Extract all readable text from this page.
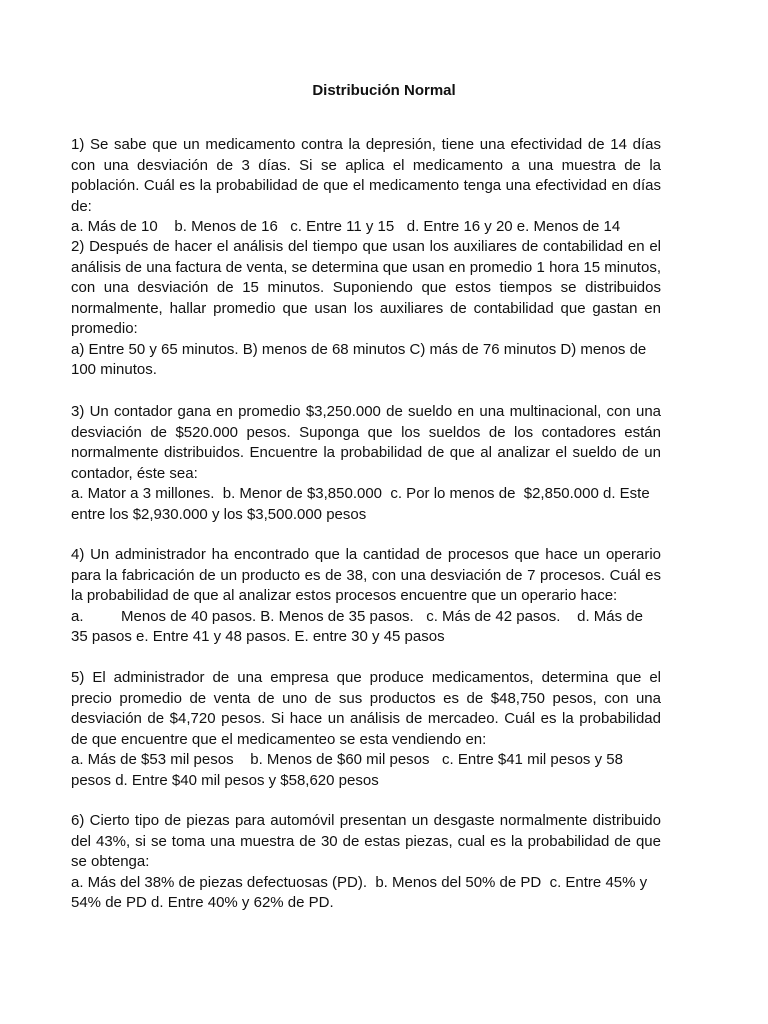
Distribución Normal
1) Se sabe que un medicamento contra la depresión, tiene una efectividad de 14 días con una desviación de 3 días. Si se aplica el medicamento a una muestra de la población. Cuál es la probabilidad de que el medicamento tenga una efectividad en días de:
a. Más de 10    b. Menos de 16   c. Entre 11 y 15   d. Entre 16 y 20 e. Menos de 14
2) Después de hacer el análisis del tiempo que usan los auxiliares de contabilidad en el análisis de una factura de venta, se determina que usan en promedio 1 hora 15 minutos, con una desviación de 15 minutos. Suponiendo que estos tiempos se distribuidos normalmente, hallar promedio que usan los auxiliares de contabilidad que gastan en promedio:
a) Entre 50 y 65 minutos. B) menos de 68 minutos C) más de 76 minutos D) menos de 100 minutos.
3) Un contador gana en promedio $3,250.000 de sueldo en una multinacional, con una desviación de $520.000 pesos. Suponga que los sueldos de los contadores están normalmente distribuidos. Encuentre la probabilidad de que al analizar el sueldo de un contador, éste sea:
a. Mator a 3 millones.  b. Menor de $3,850.000  c. Por lo menos de  $2,850.000 d. Este entre los $2,930.000 y los $3,500.000 pesos
4) Un administrador ha encontrado que la cantidad de procesos que hace un operario para la fabricación de un producto es de 38, con una desviación de 7 procesos. Cuál es la probabilidad de que al analizar estos procesos encuentre que un operario hace:
a.         Menos de 40 pasos. B. Menos de 35 pasos.   c. Más de 42 pasos.    d. Más de 35 pasos e. Entre 41 y 48 pasos. E. entre 30 y 45 pasos
5) El administrador de una empresa que produce medicamentos, determina que el precio promedio de venta de uno de sus productos es de $48,750 pesos, con una desviación de $4,720 pesos. Si hace un análisis de mercadeo. Cuál es la probabilidad de que encuentre que el medicamenteo se esta vendiendo en:
a. Más de $53 mil pesos    b. Menos de $60 mil pesos   c. Entre $41 mil pesos y 58 pesos d. Entre $40 mil pesos y $58,620 pesos
6) Cierto tipo de piezas para automóvil presentan un desgaste normalmente distribuido del 43%, si se toma una muestra de 30 de estas piezas, cual es la probabilidad de que se obtenga:
a. Más del 38% de piezas defectuosas (PD).  b. Menos del 50% de PD  c. Entre 45% y 54% de PD d. Entre 40% y 62% de PD.
